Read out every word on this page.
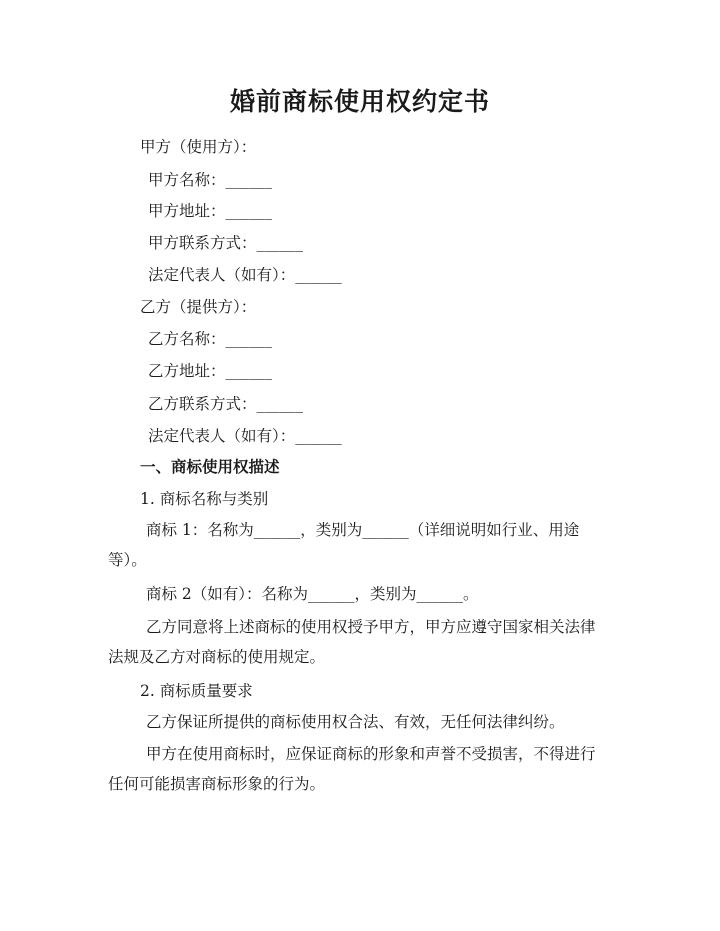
婚前商标使用权约定书
甲方（使用方）：
甲方名称：______
甲方地址：______
甲方联系方式：______
法定代表人（如有）：______
乙方（提供方）：
乙方名称：______
乙方地址：______
乙方联系方式：______
法定代表人（如有）：______
一、商标使用权描述
1. 商标名称与类别
商标 1：名称为______，类别为______（详细说明如行业、用途等）。
商标 2（如有）：名称为______，类别为______。
乙方同意将上述商标的使用权授予甲方，甲方应遵守国家相关法律法规及乙方对商标的使用规定。
2. 商标质量要求
乙方保证所提供的商标使用权合法、有效，无任何法律纠纷。
甲方在使用商标时，应保证商标的形象和声誉不受损害，不得进行任何可能损害商标形象的行为。
